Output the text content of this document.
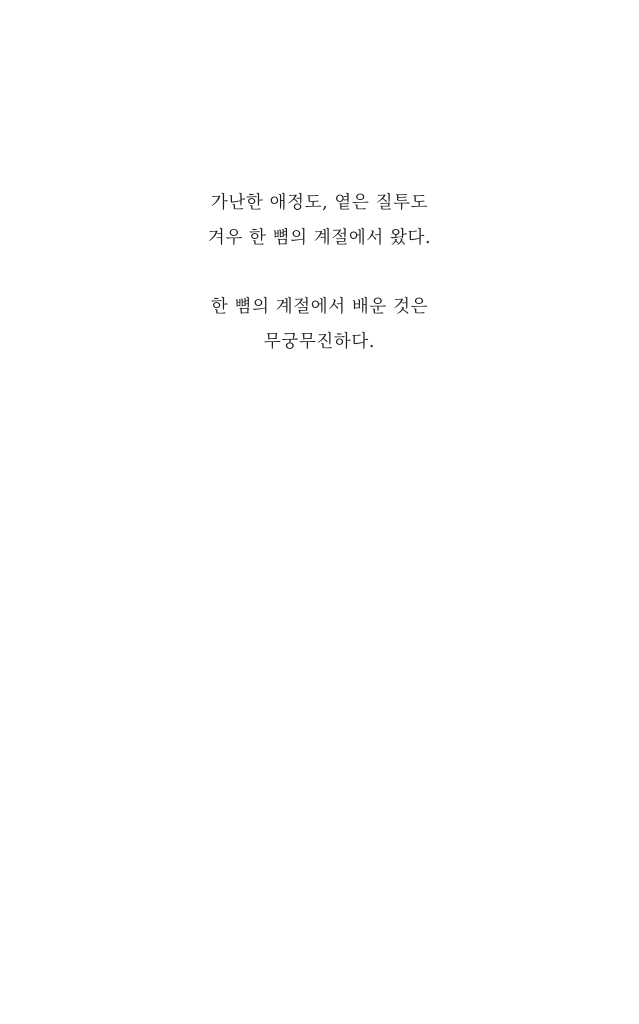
가난한 애정도, 옅은 질투도
겨우 한 뼘의 계절에서 왔다.

한 뼘의 계절에서 배운 것은
무궁무진하다.
